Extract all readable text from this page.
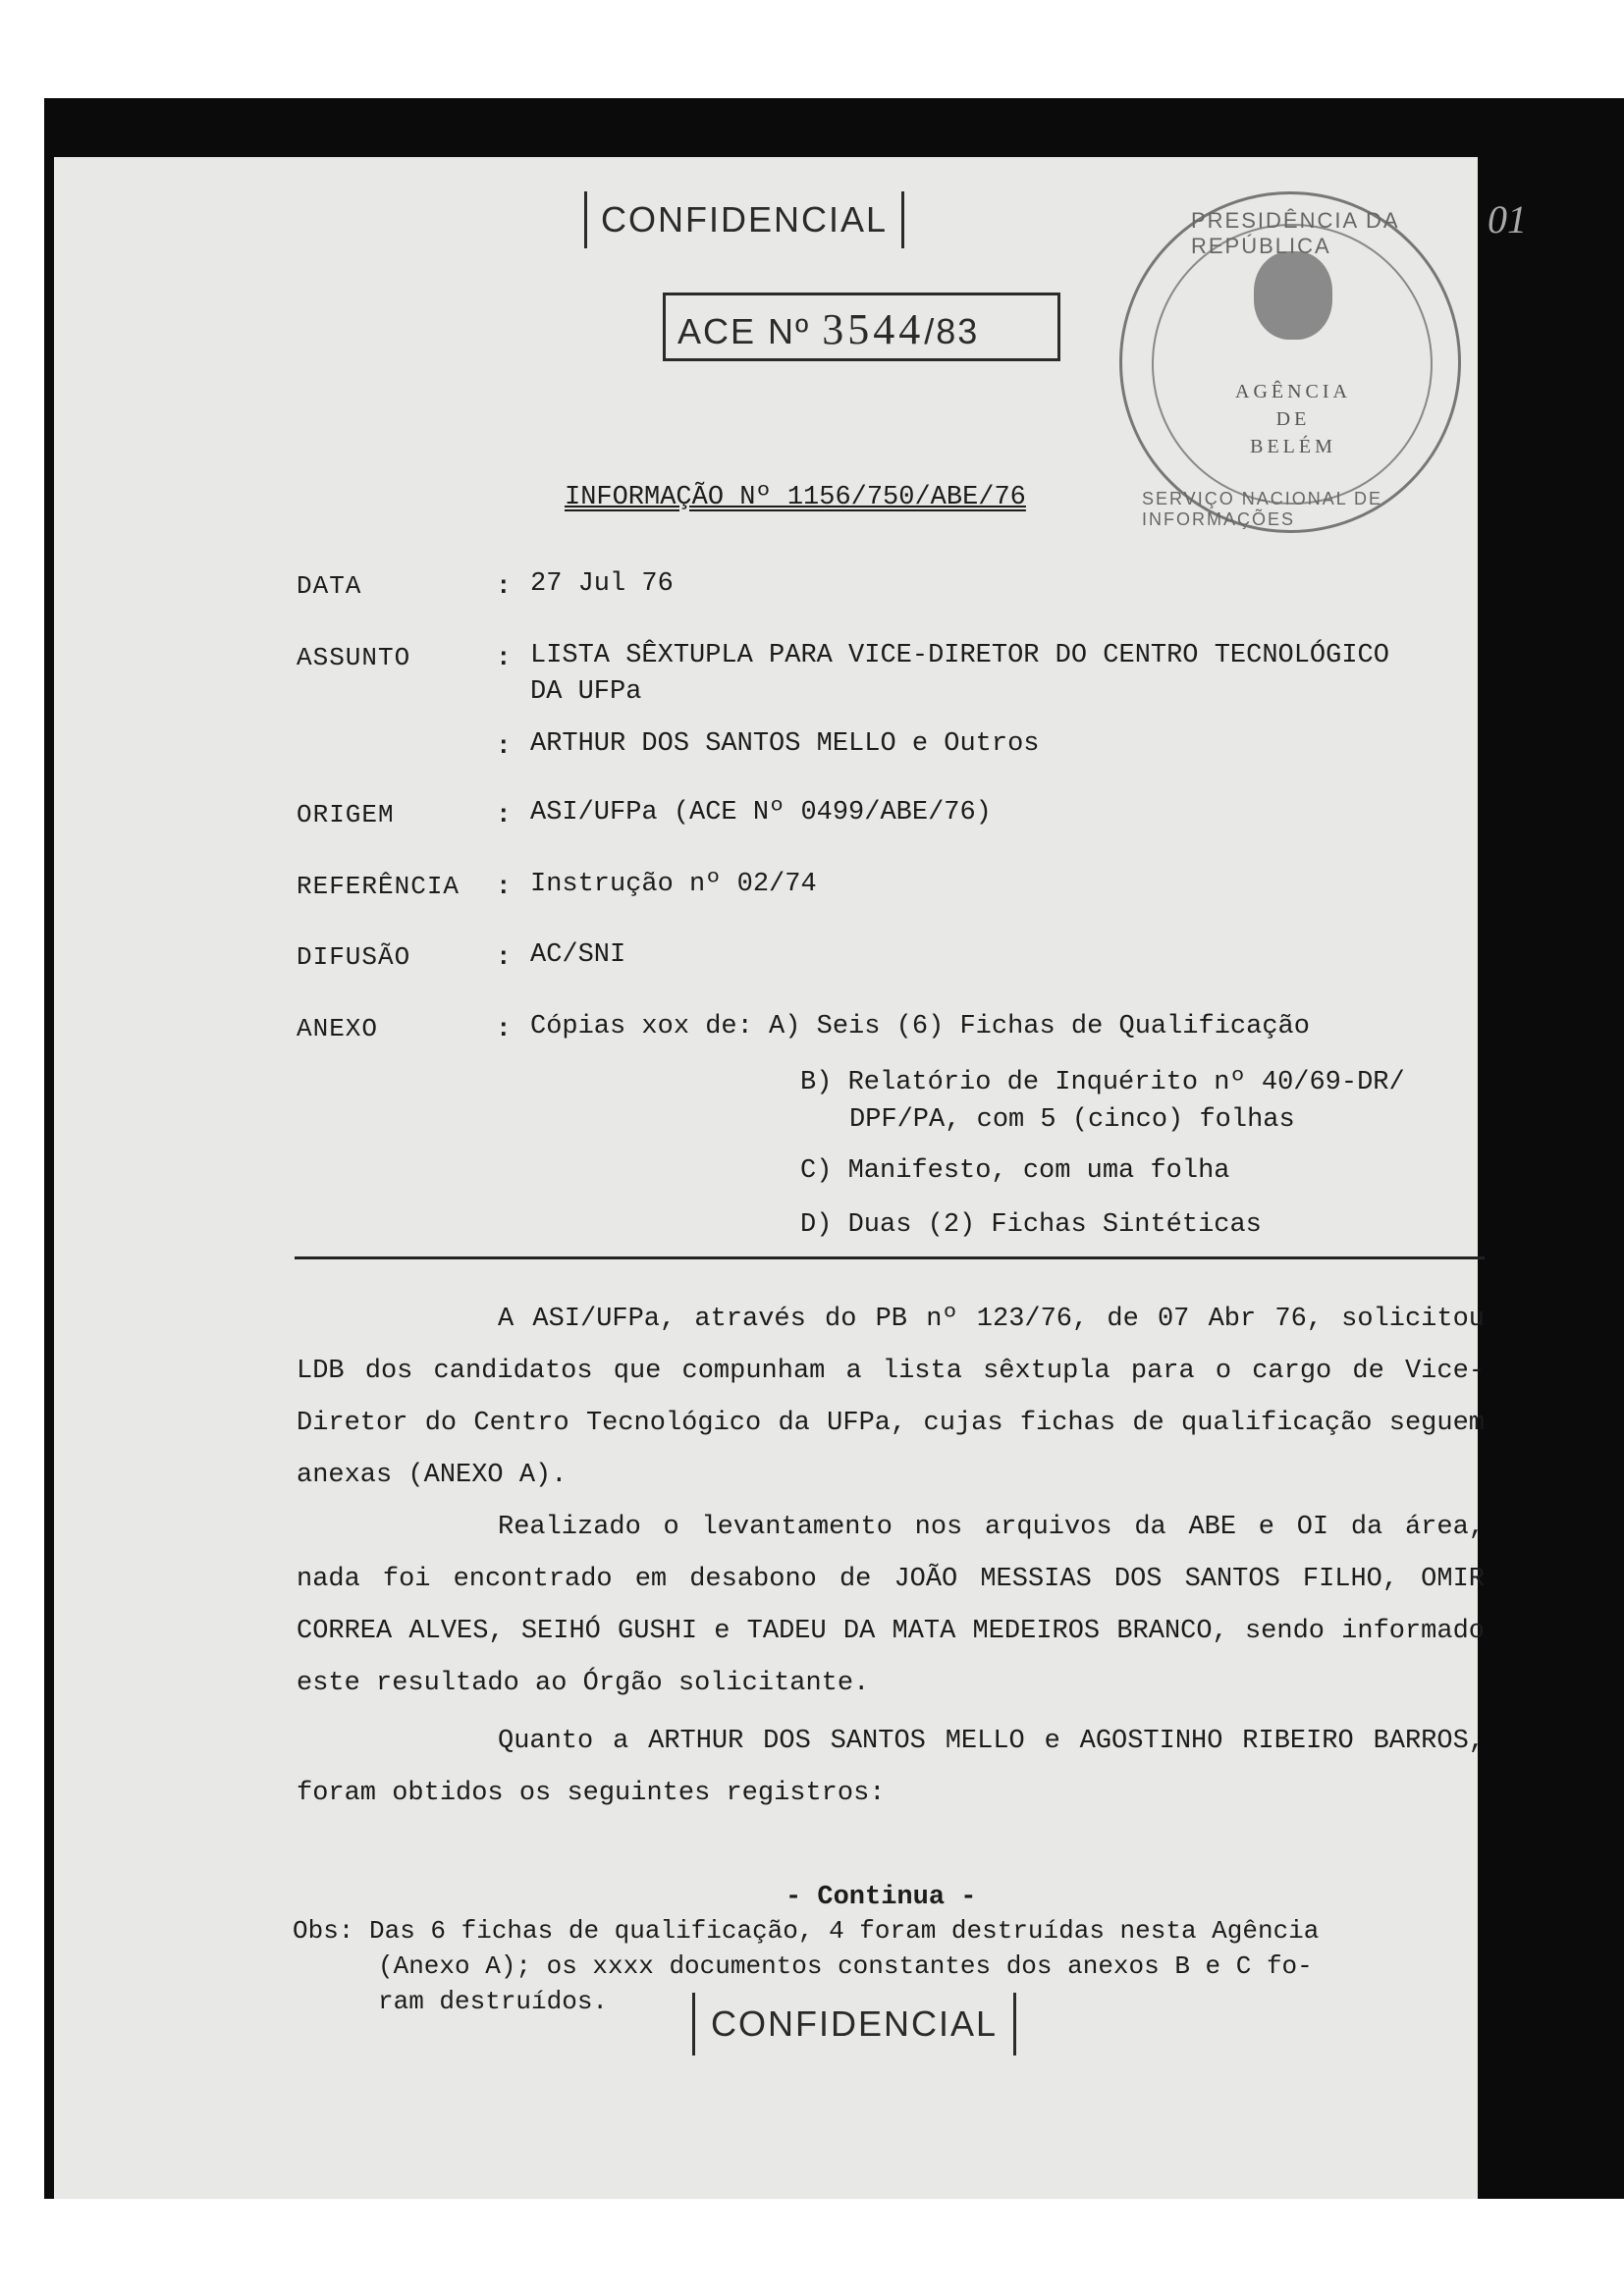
CONFIDENCIAL
ACE Nº 3544/83
01
PRESIDÊNCIA DA REPÚBLICA
SERVIÇO NACIONAL DE INFORMAÇÕES
AGÊNCIA
DE
BELÉM
INFORMAÇÃO Nº 1156/750/ABE/76
DATA	: 27 Jul 76
ASSUNTO	: LISTA SÊXTUPLA PARA VICE-DIRETOR DO CENTRO TECNOLÓGICO
DA UFPa
: ARTHUR DOS SANTOS MELLO e Outros
ORIGEM	: ASI/UFPa (ACE Nº 0499/ABE/76)
REFERÊNCIA : Instrução nº 02/74
DIFUSÃO	: AC/SNI
ANEXO	: Cópias xox de: A) Seis (6) Fichas de Qualificação
B) Relatório de Inquérito nº 40/69-DR/
DPF/PA, com 5 (cinco) folhas
C) Manifesto, com uma folha
D) Duas (2) Fichas Sintéticas
A ASI/UFPa, através do PB nº 123/76, de 07 Abr 76, solicitou LDB dos candidatos que compunham a lista sêxtupla para o cargo de Vice-Diretor do Centro Tecnológico da UFPa, cujas fichas de qualificação seguem anexas (ANEXO A).
Realizado o levantamento nos arquivos da ABE e OI da área, nada foi encontrado em desabono de JOÃO MESSIAS DOS SANTOS FILHO, OMIR CORREA ALVES, SEIHÓ GUSHI e TADEU DA MATA MEDEIROS BRANCO, sendo informado este resultado ao Órgão solicitante.
Quanto a ARTHUR DOS SANTOS MELLO e AGOSTINHO RIBEIRO BARROS, foram obtidos os seguintes registros:
- Continua -
Obs: Das 6 fichas de qualificação, 4 foram destruídas nesta Agência
(Anexo A); os xxxx documentos constantes dos anexos B e C fo-
ram destruídos.
CONFIDENCIAL
